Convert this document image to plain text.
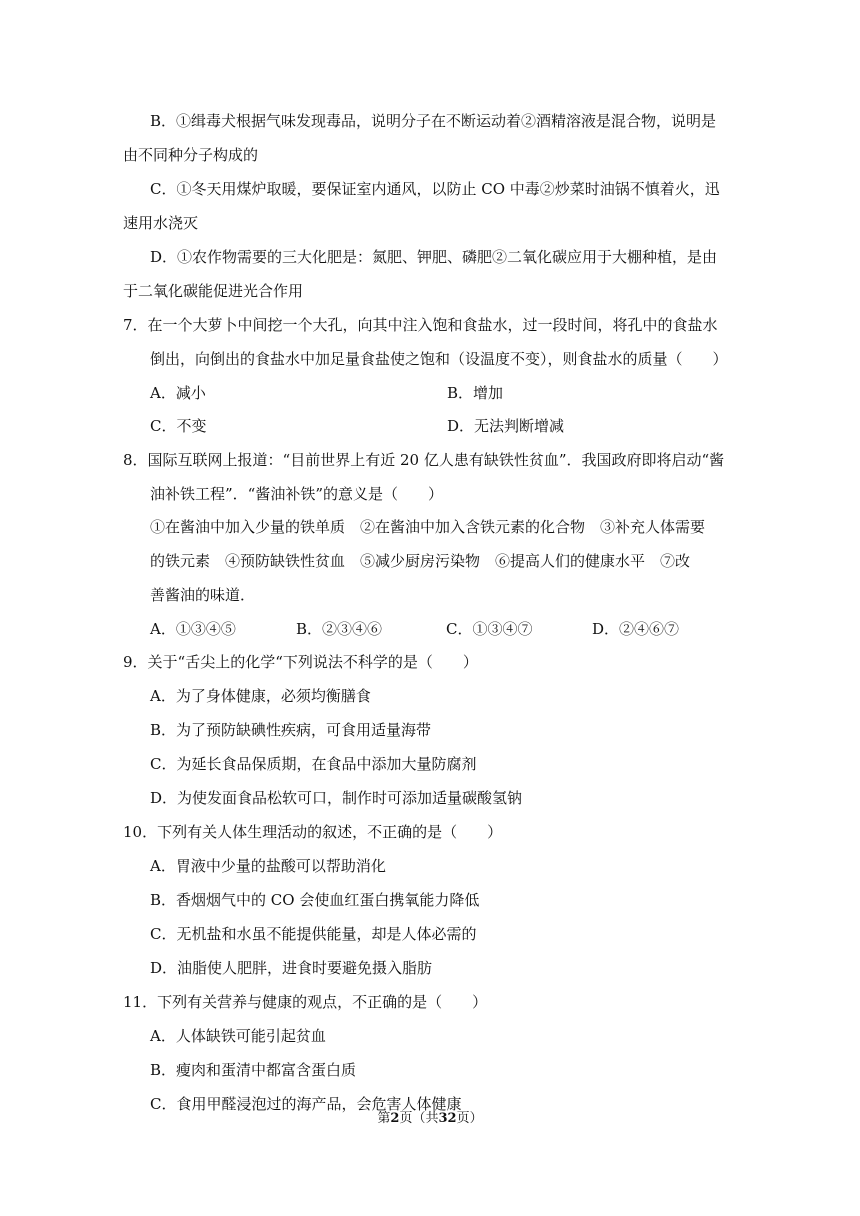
B．①缉毒犬根据气味发现毒品，说明分子在不断运动着②酒精溶液是混合物，说明是
由不同种分子构成的
C．①冬天用煤炉取暖，要保证室内通风，以防止 CO 中毒②炒菜时油锅不慎着火，迅
速用水浇灭
D．①农作物需要的三大化肥是：氮肥、钾肥、磷肥②二氧化碳应用于大棚种植，是由
于二氧化碳能促进光合作用
7．在一个大萝卜中间挖一个大孔，向其中注入饱和食盐水，过一段时间，将孔中的食盐水
倒出，向倒出的食盐水中加足量食盐使之饱和（设温度不变），则食盐水的质量（　　）
A．减小	B．增加
C．不变	D．无法判断增减
8．国际互联网上报道：“目前世界上有近 20 亿人患有缺铁性贫血”．我国政府即将启动“酱
油补铁工程”．“酱油补铁”的意义是（　　）
①在酱油中加入少量的铁单质　②在酱油中加入含铁元素的化合物　③补充人体需要
的铁元素　④预防缺铁性贫血　⑤减少厨房污染物　⑥提高人们的健康水平　⑦改
善酱油的味道．
A．①③④⑤	B．②③④⑥	C．①③④⑦	D．②④⑥⑦
9．关于“舌尖上的化学“下列说法不科学的是（　　）
A．为了身体健康，必须均衡膳食
B．为了预防缺碘性疾病，可食用适量海带
C．为延长食品保质期，在食品中添加大量防腐剂
D．为使发面食品松软可口，制作时可添加适量碳酸氢钠
10．下列有关人体生理活动的叙述，不正确的是（　　）
A．胃液中少量的盐酸可以帮助消化
B．香烟烟气中的 CO 会使血红蛋白携氧能力降低
C．无机盐和水虽不能提供能量，却是人体必需的
D．油脂使人肥胖，进食时要避免摄入脂肪
11．下列有关营养与健康的观点，不正确的是（　　）
A．人体缺铁可能引起贫血
B．瘦肉和蛋清中都富含蛋白质
C．食用甲醛浸泡过的海产品，会危害人体健康
第2页（共32页）
